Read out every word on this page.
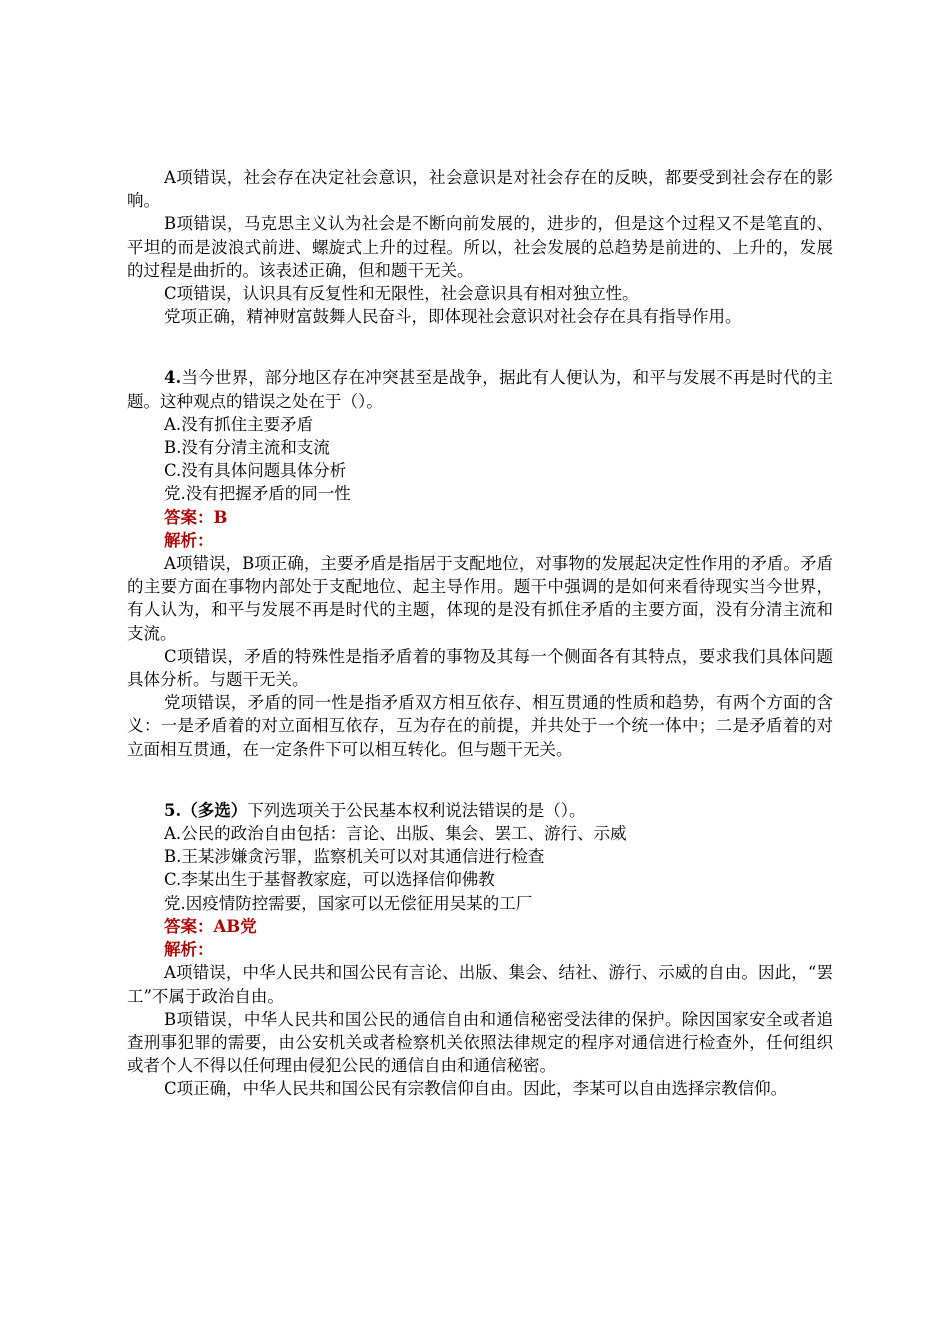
A项错误，社会存在决定社会意识，社会意识是对社会存在的反映，都要受到社会存在的影响。

B项错误，马克思主义认为社会是不断向前发展的，进步的，但是这个过程又不是笔直的、平坦的而是波浪式前进、螺旋式上升的过程。所以，社会发展的总趋势是前进的、上升的，发展的过程是曲折的。该表述正确，但和题干无关。

C项错误，认识具有反复性和无限性，社会意识具有相对独立性。

党项正确，精神财富鼓舞人民奋斗，即体现社会意识对社会存在具有指导作用。

4.当今世界，部分地区存在冲突甚至是战争，据此有人便认为，和平与发展不再是时代的主题。这种观点的错误之处在于（）。

A.没有抓住主要矛盾

B.没有分清主流和支流

C.没有具体问题具体分析

党.没有把握矛盾的同一性

答案：B

解析：

A项错误，B项正确，主要矛盾是指居于支配地位，对事物的发展起决定性作用的矛盾。矛盾的主要方面在事物内部处于支配地位、起主导作用。题干中强调的是如何来看待现实当今世界，有人认为，和平与发展不再是时代的主题，体现的是没有抓住矛盾的主要方面，没有分清主流和支流。

C项错误，矛盾的特殊性是指矛盾着的事物及其每一个侧面各有其特点，要求我们具体问题具体分析。与题干无关。

党项错误，矛盾的同一性是指矛盾双方相互依存、相互贯通的性质和趋势，有两个方面的含义：一是矛盾着的对立面相互依存，互为存在的前提，并共处于一个统一体中；二是矛盾着的对立面相互贯通，在一定条件下可以相互转化。但与题干无关。

5.（多选）下列选项关于公民基本权利说法错误的是（）。

A.公民的政治自由包括：言论、出版、集会、罢工、游行、示威

B.王某涉嫌贪污罪，监察机关可以对其通信进行检查

C.李某出生于基督教家庭，可以选择信仰佛教

党.因疫情防控需要，国家可以无偿征用吴某的工厂

答案：AB党

解析：

A项错误，中华人民共和国公民有言论、出版、集会、结社、游行、示威的自由。因此，“罢工”不属于政治自由。

B项错误，中华人民共和国公民的通信自由和通信秘密受法律的保护。除因国家安全或者追查刑事犯罪的需要，由公安机关或者检察机关依照法律规定的程序对通信进行检查外，任何组织或者个人不得以任何理由侵犯公民的通信自由和通信秘密。

C项正确，中华人民共和国公民有宗教信仰自由。因此，李某可以自由选择宗教信仰。
